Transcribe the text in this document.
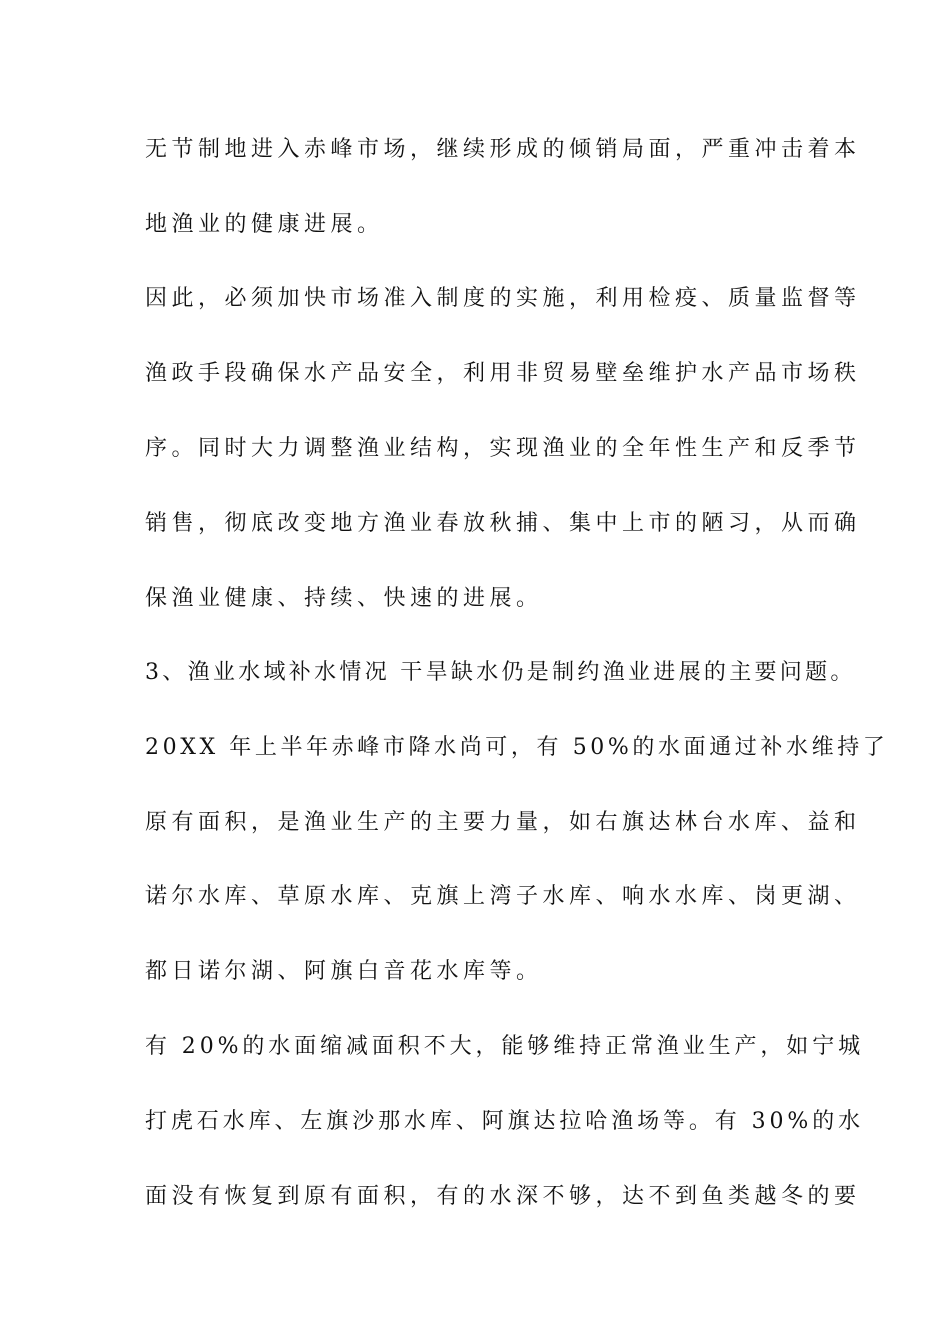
无节制地进入赤峰市场，继续形成的倾销局面，严重冲击着本
地渔业的健康进展。
因此，必须加快市场准入制度的实施，利用检疫、质量监督等
渔政手段确保水产品安全，利用非贸易壁垒维护水产品市场秩
序。同时大力调整渔业结构，实现渔业的全年性生产和反季节
销售，彻底改变地方渔业春放秋捕、集中上市的陋习，从而确
保渔业健康、持续、快速的进展。
3、渔业水域补水情况 干旱缺水仍是制约渔业进展的主要问题。
20XX 年上半年赤峰市降水尚可，有 50%的水面通过补水维持了
原有面积，是渔业生产的主要力量，如右旗达林台水库、益和
诺尔水库、草原水库、克旗上湾子水库、响水水库、岗更湖、
都日诺尔湖、阿旗白音花水库等。
有 20%的水面缩减面积不大，能够维持正常渔业生产，如宁城
打虎石水库、左旗沙那水库、阿旗达拉哈渔场等。有 30%的水
面没有恢复到原有面积，有的水深不够，达不到鱼类越冬的要
